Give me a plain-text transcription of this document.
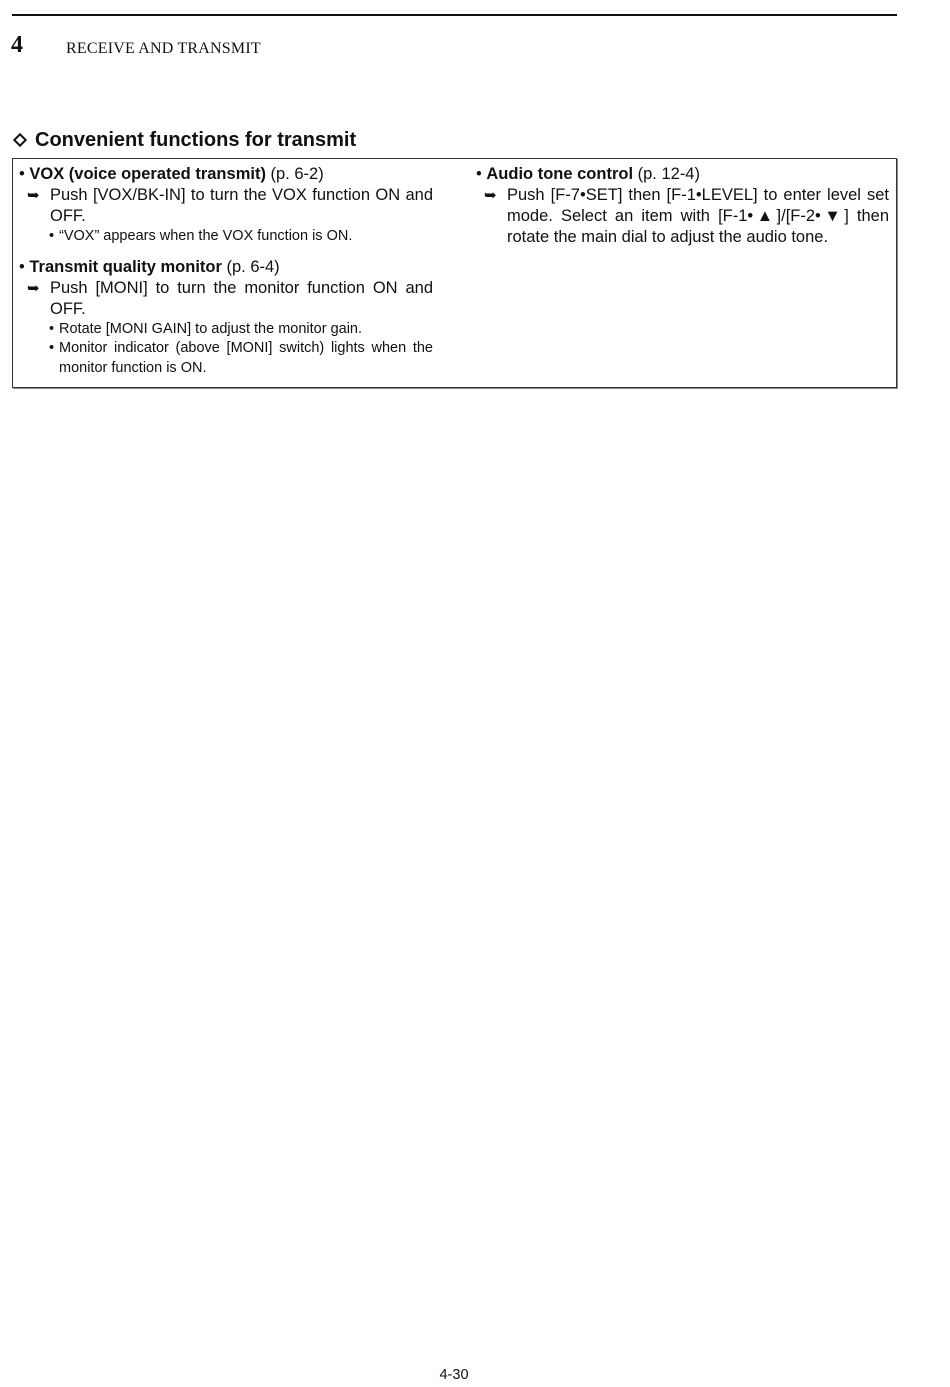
4	RECEIVE AND TRANSMIT
Convenient functions for transmit
• VOX (voice operated transmit) (p. 6-2)
➥ Push [VOX/BK-IN] to turn the VOX function ON and OFF.
• “VOX” appears when the VOX function is ON.
• Transmit quality monitor (p. 6-4)
➥ Push [MONI] to turn the monitor function ON and OFF.
• Rotate [MONI GAIN] to adjust the monitor gain.
• Monitor indicator (above [MONI] switch) lights when the monitor function is ON.
• Audio tone control (p. 12-4)
➥ Push [F-7•SET] then [F-1•LEVEL] to enter level set mode. Select an item with [F-1•▲]/[F-2•▼] then rotate the main dial to adjust the audio tone.
4-30
